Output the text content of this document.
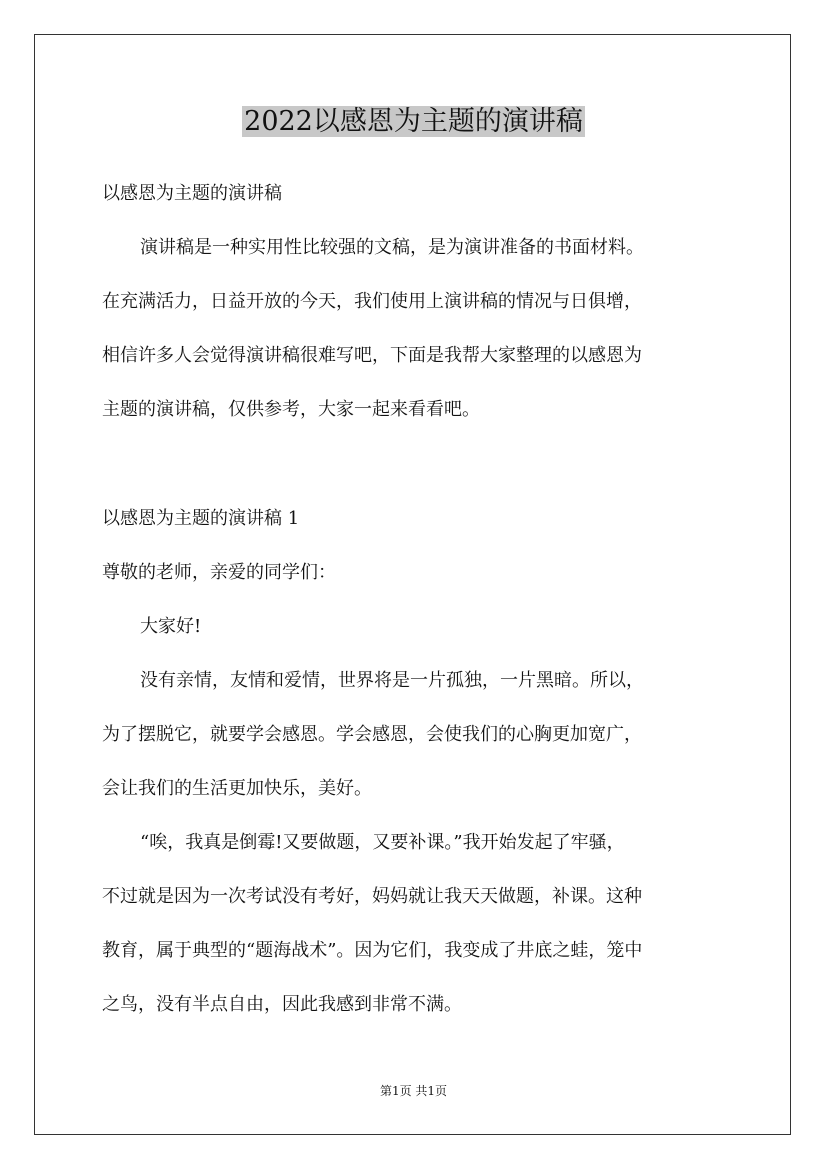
2022以感恩为主题的演讲稿

以感恩为主题的演讲稿

演讲稿是一种实用性比较强的文稿，是为演讲准备的书面材料。

在充满活力，日益开放的今天，我们使用上演讲稿的情况与日俱增，

相信许多人会觉得演讲稿很难写吧，下面是我帮大家整理的以感恩为

主题的演讲稿，仅供参考，大家一起来看看吧。

以感恩为主题的演讲稿 1

尊敬的老师，亲爱的同学们：

大家好!

没有亲情，友情和爱情，世界将是一片孤独，一片黑暗。所以，

为了摆脱它，就要学会感恩。学会感恩，会使我们的心胸更加宽广，

会让我们的生活更加快乐，美好。

“唉，我真是倒霉!又要做题，又要补课。”我开始发起了牢骚，

不过就是因为一次考试没有考好，妈妈就让我天天做题，补课。这种

教育，属于典型的“题海战术”。因为它们，我变成了井底之蛙，笼中

之鸟，没有半点自由，因此我感到非常不满。

第1页 共1页
